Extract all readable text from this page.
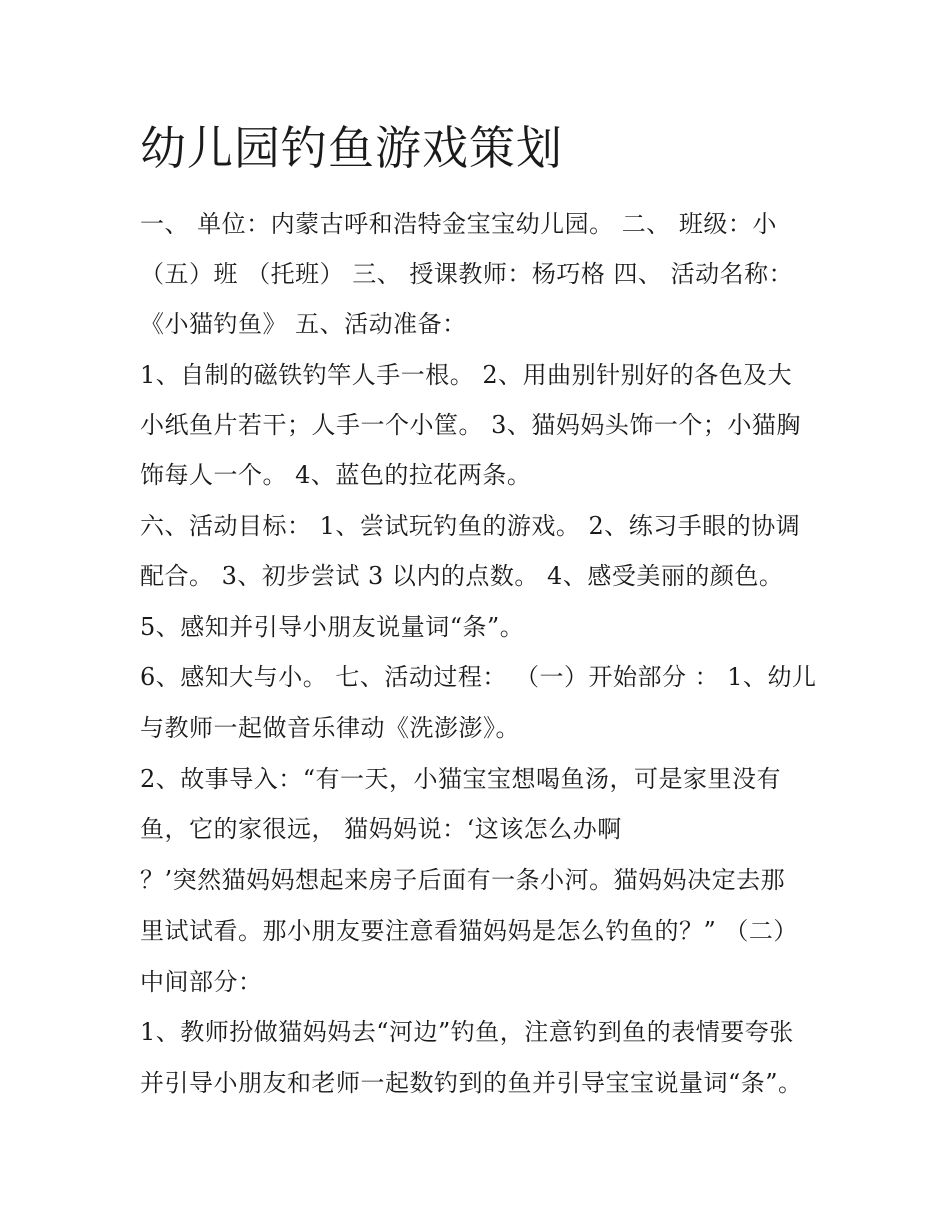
幼儿园钓鱼游戏策划
一、 单位：内蒙古呼和浩特金宝宝幼儿园。 二、 班级：小
（五）班 （托班） 三、 授课教师：杨巧格 四、 活动名称：
《小猫钓鱼》 五、活动准备：
1、自制的磁铁钓竿人手一根。 2、用曲别针别好的各色及大
小纸鱼片若干；人手一个小筐。 3、猫妈妈头饰一个；小猫胸
饰每人一个。 4、蓝色的拉花两条。
六、活动目标： 1、尝试玩钓鱼的游戏。 2、练习手眼的协调
配合。 3、初步尝试 3 以内的点数。 4、感受美丽的颜色。
5、感知并引导小朋友说量词“条”。
6、感知大与小。 七、活动过程： （一）开始部分 ： 1、幼儿
与教师一起做音乐律动《洗澎澎》。
2、故事导入：“有一天，小猫宝宝想喝鱼汤，可是家里没有
鱼，它的家很远， 猫妈妈说：‘这该怎么办啊
？’突然猫妈妈想起来房子后面有一条小河。猫妈妈决定去那
里试试看。那小朋友要注意看猫妈妈是怎么钓鱼的？” （二）
中间部分：
1、教师扮做猫妈妈去“河边”钓鱼，注意钓到鱼的表情要夸张
并引导小朋友和老师一起数钓到的鱼并引导宝宝说量词“条”。
